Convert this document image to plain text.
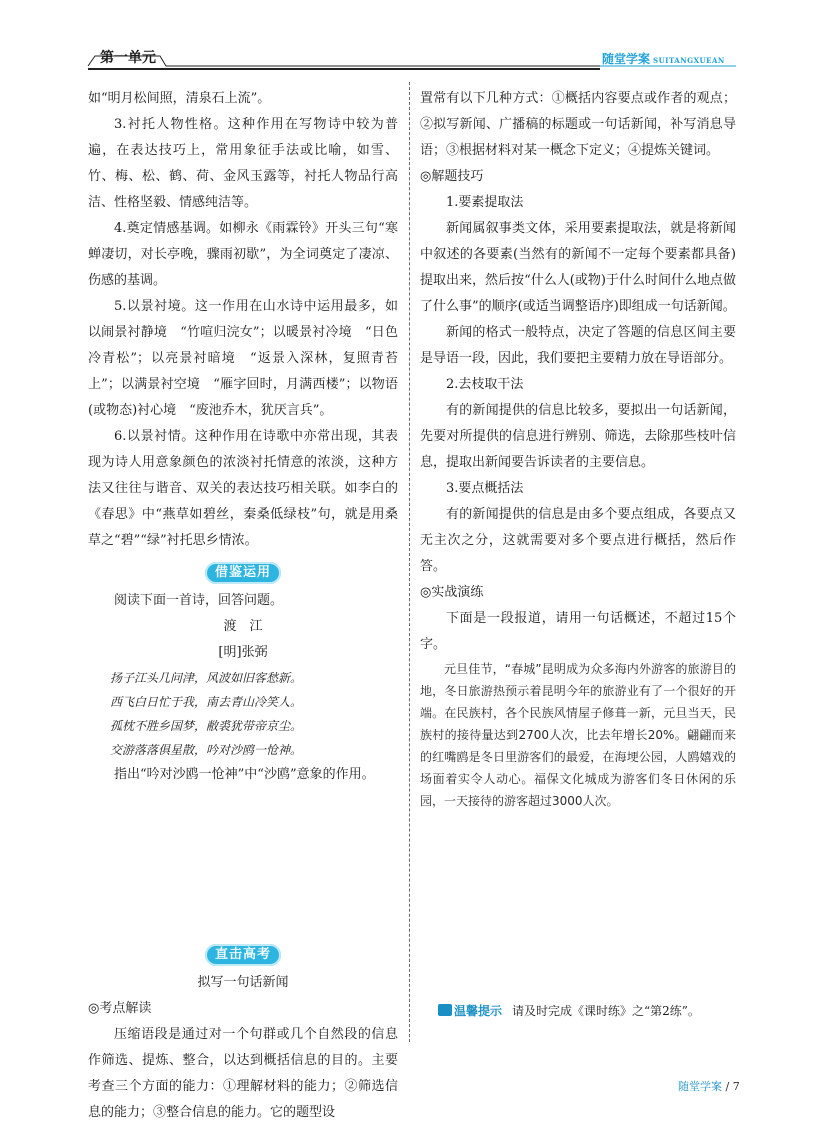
第一单元	随堂学案 SUITANGXUEAN

如“明月松间照，清泉石上流”。

3.衬托人物性格。这种作用在写物诗中较为普遍，在表达技巧上，常用象征手法或比喻，如雪、竹、梅、松、鹤、荷、金风玉露等，衬托人物品行高洁、性格坚毅、情感纯洁等。

4.奠定情感基调。如柳永《雨霖铃》开头三句“寒蝉凄切，对长亭晚，骤雨初歇”，为全词奠定了凄凉、伤感的基调。

5.以景衬境。这一作用在山水诗中运用最多，如以闹景衬静境　“竹喧归浣女”；以暖景衬冷境　“日色冷青松”；以亮景衬暗境　“返景入深林，复照青苔上”；以满景衬空境　“雁字回时，月满西楼”；以物语(或物态)衬心境　“废池乔木，犹厌言兵”。

6.以景衬情。这种作用在诗歌中亦常出现，其表现为诗人用意象颜色的浓淡衬托情意的浓淡，这种方法又往往与谐音、双关的表达技巧相关联。如李白的《春思》中“燕草如碧丝，秦桑低绿枝”句，就是用桑草之“碧”“绿”衬托思乡情浓。

借鉴运用

阅读下面一首诗，回答问题。

渡　江

[明]张弼

扬子江头几问津，风波如旧客愁新。

西飞白日忙于我，南去青山冷笑人。

孤枕不胜乡国梦，敝裘犹带帝京尘。

交游落落俱星散，吟对沙鸥一怆神。

指出“吟对沙鸥一怆神”中“沙鸥”意象的作用。

直击高考

拟写一句话新闻

◎考点解读

压缩语段是通过对一个句群或几个自然段的信息作筛选、提炼、整合，以达到概括信息的目的。主要考查三个方面的能力：①理解材料的能力；②筛选信息的能力；③整合信息的能力。它的题型设

置常有以下几种方式：①概括内容要点或作者的观点；②拟写新闻、广播稿的标题或一句话新闻，补写消息导语；③根据材料对某一概念下定义；④提炼关键词。

◎解题技巧

1.要素提取法

新闻属叙事类文体，采用要素提取法，就是将新闻中叙述的各要素(当然有的新闻不一定每个要素都具备)提取出来，然后按“什么人(或物)于什么时间什么地点做了什么事”的顺序(或适当调整语序)即组成一句话新闻。

新闻的格式一般特点，决定了答题的信息区间主要是导语一段，因此，我们要把主要精力放在导语部分。

2.去枝取干法

有的新闻提供的信息比较多，要拟出一句话新闻，先要对所提供的信息进行辨别、筛选，去除那些枝叶信息，提取出新闻要告诉读者的主要信息。

3.要点概括法

有的新闻提供的信息是由多个要点组成，各要点又无主次之分，这就需要对多个要点进行概括，然后作答。

◎实战演练

下面是一段报道，请用一句话概述，不超过15个字。

元旦佳节，“春城”昆明成为众多海内外游客的旅游目的地，冬日旅游热预示着昆明今年的旅游业有了一个很好的开端。在民族村，各个民族风情屋子修葺一新，元旦当天，民族村的接待量达到2700人次，比去年增长20%。翩翩而来的红嘴鸥是冬日里游客们的最爱，在海埂公园，人鸥嬉戏的场面着实令人动心。福保文化城成为游客们冬日休闲的乐园，一天接待的游客超过3000人次。

温馨提示 请及时完成《课时练》之“第2练”。
随堂学案 / 7
